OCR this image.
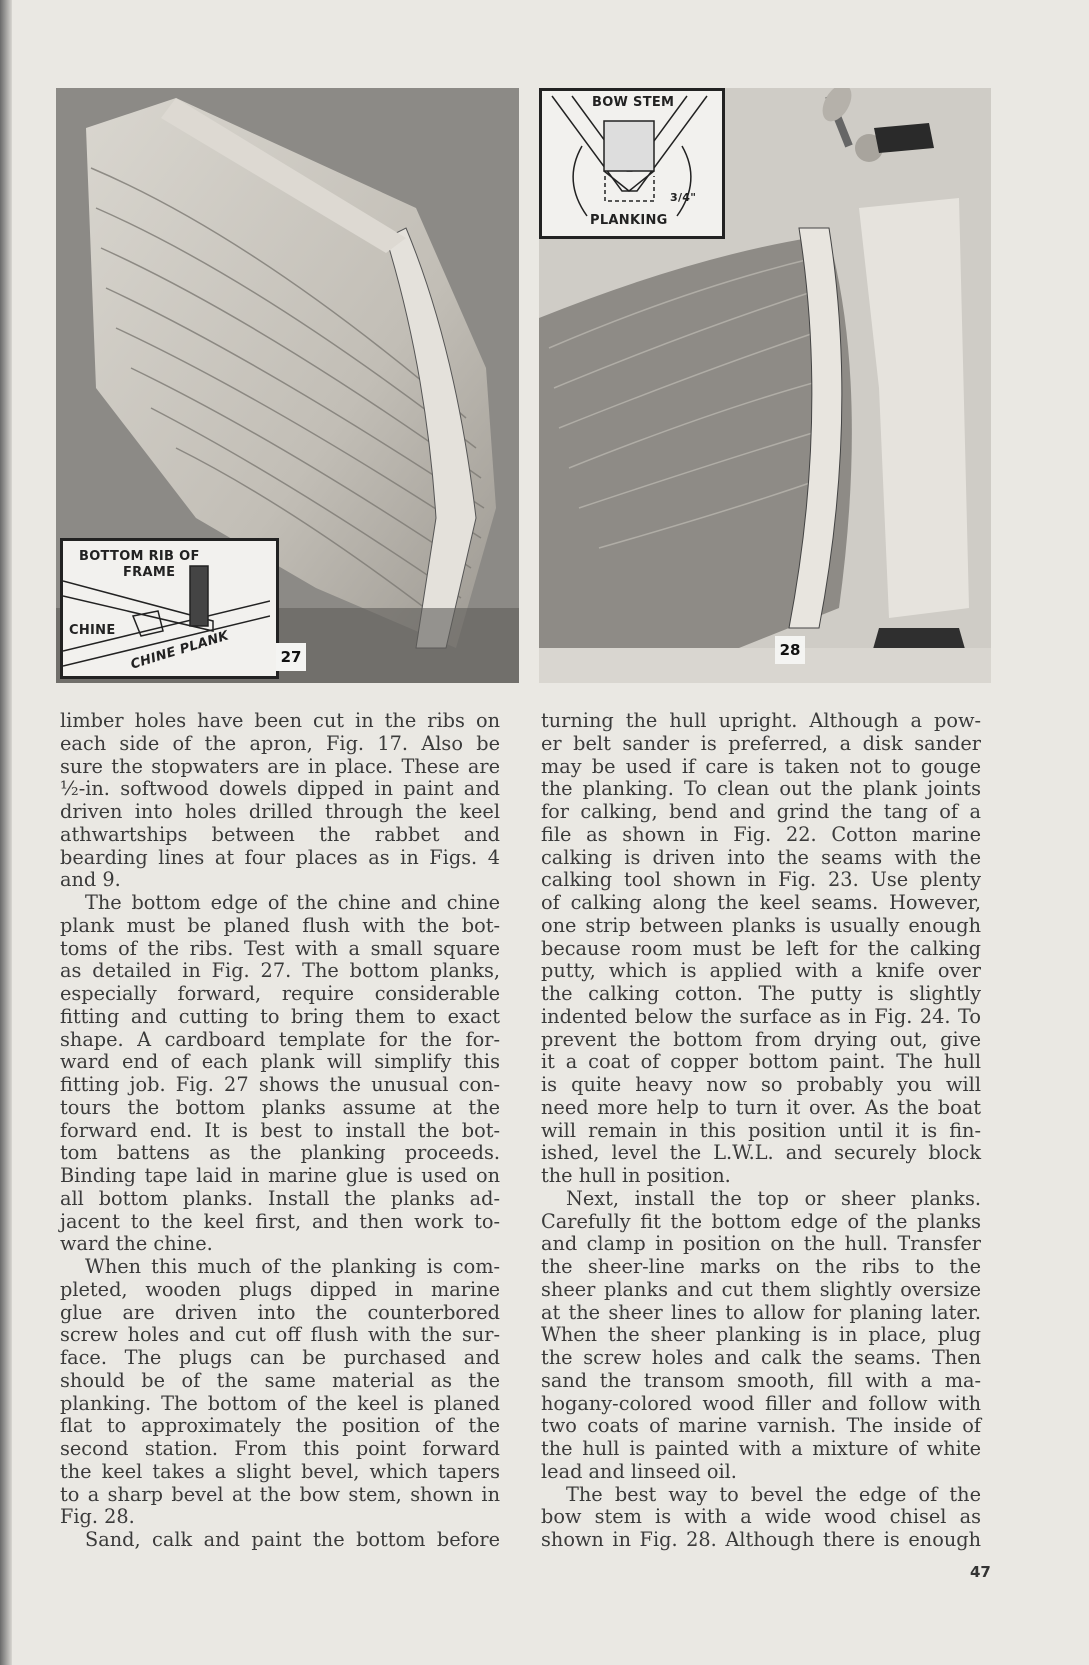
BOTTOM RIB OF
FRAME
CHINE CHINE PLANK	27
BOW STEM
PLANKING
3/4"
28
limber holes have been cut in the ribs on
each side of the apron, Fig. 17. Also be
sure the stopwaters are in place. These are
½-in. softwood dowels dipped in paint and
driven into holes drilled through the keel
athwartships between the rabbet and
bearding lines at four places as in Figs. 4
and 9.
The bottom edge of the chine and chine
plank must be planed flush with the bot-
toms of the ribs. Test with a small square
as detailed in Fig. 27. The bottom planks,
especially forward, require considerable
fitting and cutting to bring them to exact
shape. A cardboard template for the for-
ward end of each plank will simplify this
fitting job. Fig. 27 shows the unusual con-
tours the bottom planks assume at the
forward end. It is best to install the bot-
tom battens as the planking proceeds.
Binding tape laid in marine glue is used on
all bottom planks. Install the planks ad-
jacent to the keel first, and then work to-
ward the chine.
When this much of the planking is com-
pleted, wooden plugs dipped in marine
glue are driven into the counterbored
screw holes and cut off flush with the sur-
face. The plugs can be purchased and
should be of the same material as the
planking. The bottom of the keel is planed
flat to approximately the position of the
second station. From this point forward
the keel takes a slight bevel, which tapers
to a sharp bevel at the bow stem, shown in
Fig. 28.
Sand, calk and paint the bottom before
turning the hull upright. Although a pow-
er belt sander is preferred, a disk sander
may be used if care is taken not to gouge
the planking. To clean out the plank joints
for calking, bend and grind the tang of a
file as shown in Fig. 22. Cotton marine
calking is driven into the seams with the
calking tool shown in Fig. 23. Use plenty
of calking along the keel seams. However,
one strip between planks is usually enough
because room must be left for the calking
putty, which is applied with a knife over
the calking cotton. The putty is slightly
indented below the surface as in Fig. 24. To
prevent the bottom from drying out, give
it a coat of copper bottom paint. The hull
is quite heavy now so probably you will
need more help to turn it over. As the boat
will remain in this position until it is fin-
ished, level the L.W.L. and securely block
the hull in position.
Next, install the top or sheer planks.
Carefully fit the bottom edge of the planks
and clamp in position on the hull. Transfer
the sheer-line marks on the ribs to the
sheer planks and cut them slightly oversize
at the sheer lines to allow for planing later.
When the sheer planking is in place, plug
the screw holes and calk the seams. Then
sand the transom smooth, fill with a ma-
hogany-colored wood filler and follow with
two coats of marine varnish. The inside of
the hull is painted with a mixture of white
lead and linseed oil.
The best way to bevel the edge of the
bow stem is with a wide wood chisel as
shown in Fig. 28. Although there is enough
47
